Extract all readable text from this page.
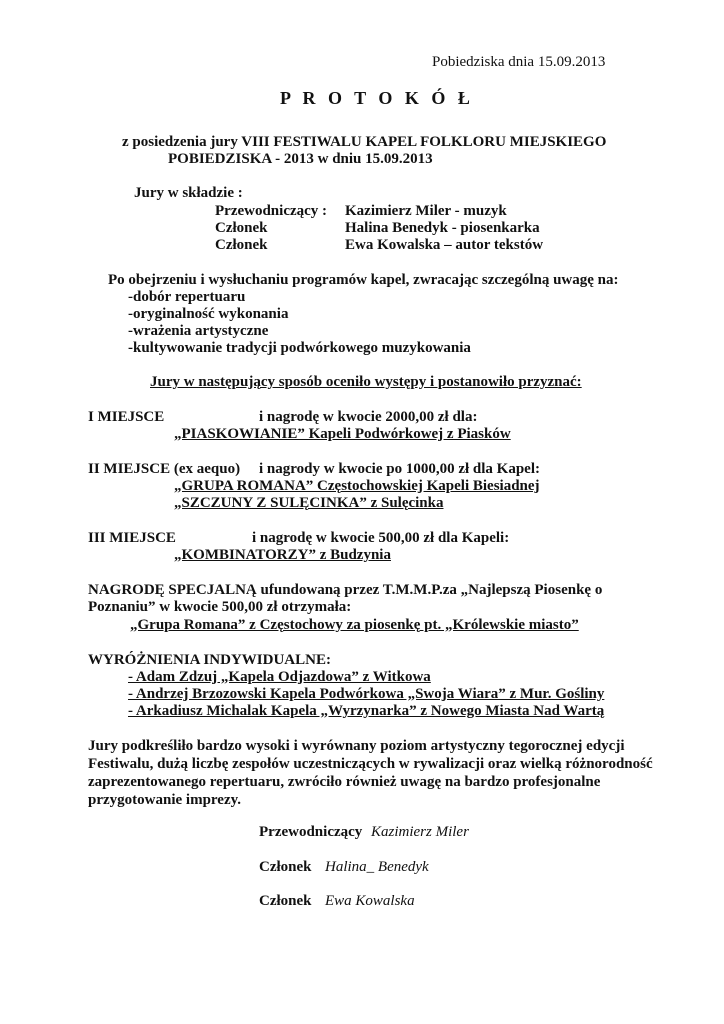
Pobiedziska dnia 15.09.2013
P R O T O K Ó Ł
z posiedzenia jury VIII FESTIWALU KAPEL FOLKLORU MIEJSKIEGO
POBIEDZISKA - 2013 w dniu 15.09.2013
Jury w składzie :
Przewodniczący : Kazimierz Miler - muzyk
Członek	Halina Benedyk - piosenkarka
Członek	Ewa Kowalska – autor tekstów
Po obejrzeniu i wysłuchaniu programów kapel, zwracając szczególną uwagę na:
-dobór repertuaru
-oryginalność wykonania
-wrażenia artystyczne
-kultywowanie tradycji podwórkowego muzykowania
Jury w następujący sposób oceniło występy i postanowiło przyznać:
I MIEJSCE	i nagrodę w kwocie 2000,00 zł dla:
„PIASKOWIANIE” Kapeli Podwórkowej z Piasków
II MIEJSCE (ex aequo) i nagrody w kwocie po 1000,00 zł dla Kapel:
„GRUPA ROMANA” Częstochowskiej Kapeli Biesiadnej
„SZCZUNY Z SULĘCINKA” z Sulęcinka
III MIEJSCE	i nagrodę w kwocie 500,00 zł dla Kapeli:
„KOMBINATORZY” z Budzynia
NAGRODĘ SPECJALNĄ ufundowaną przez T.M.M.P.za „Najlepszą Piosenkę o
Poznaniu” w kwocie 500,00 zł otrzymała:
„Grupa Romana” z Częstochowy za piosenkę pt. „Królewskie miasto”
WYRÓŻNIENIA INDYWIDUALNE:
- Adam Zdzuj „Kapela Odjazdowa” z Witkowa
- Andrzej Brzozowski Kapela Podwórkowa „Swoja Wiara” z Mur. Gośliny
- Arkadiusz Michalak Kapela „Wyrzynarka” z Nowego Miasta Nad Wartą
Jury podkreśliło bardzo wysoki i wyrównany poziom artystyczny tegorocznej edycji
Festiwalu, dużą liczbę zespołów uczestniczących w rywalizacji oraz wielką różnorodność
zaprezentowanego repertuaru, zwróciło również uwagę na bardzo profesjonalne
przygotowanie imprezy.
Przewodniczący Kazimierz Miler
Członek Halina_ Benedyk
Członek Ewa Kowalska
